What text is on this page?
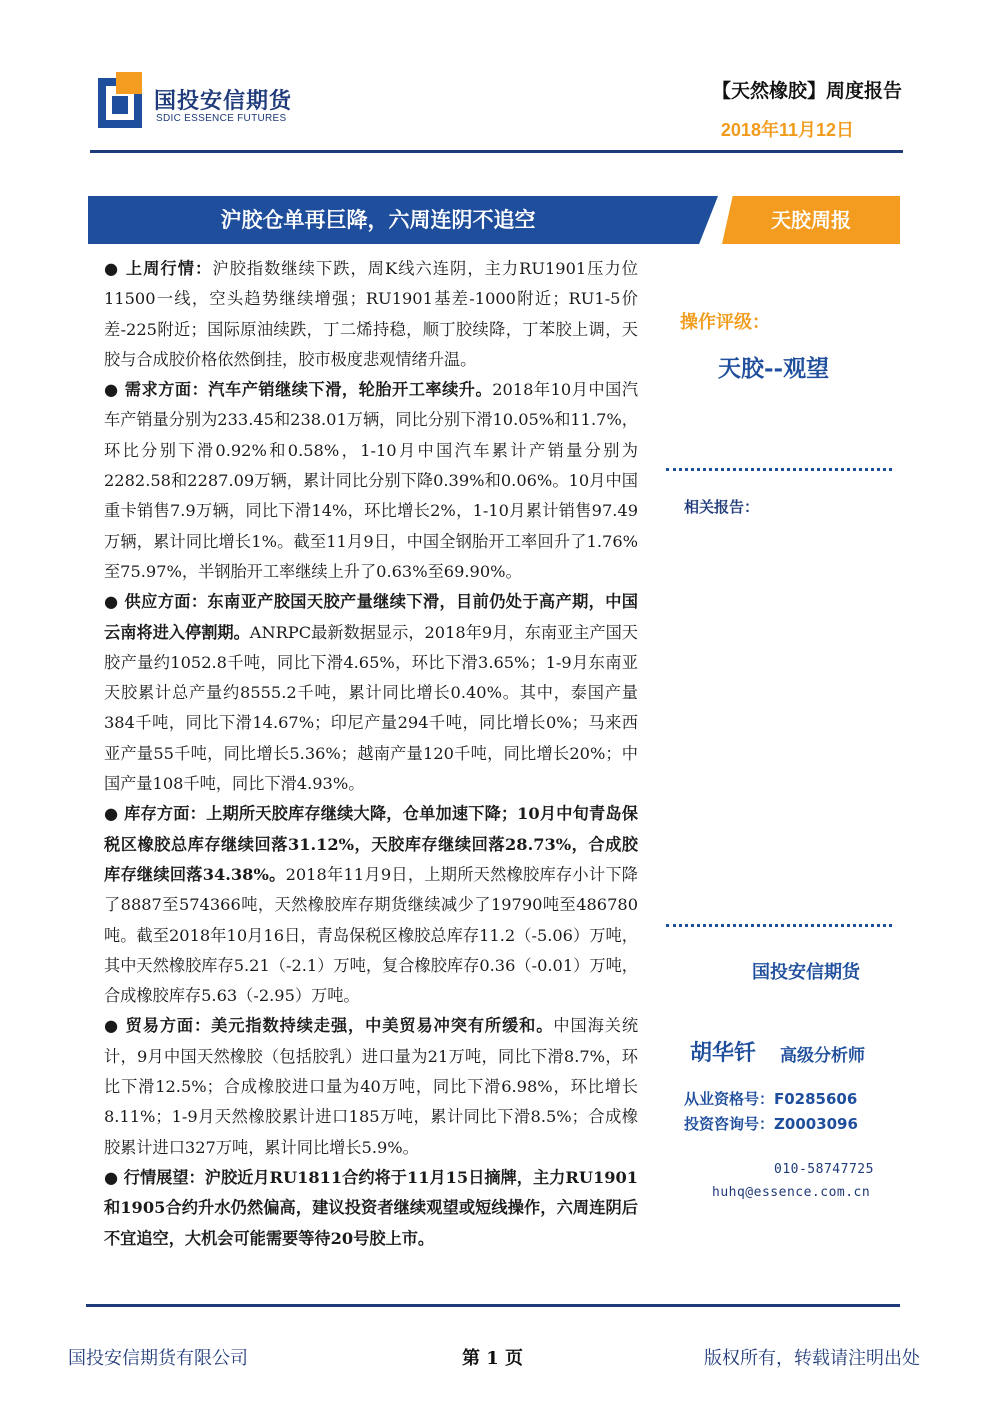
国投安信期货
SDIC ESSENCE FUTURES
【天然橡胶】周度报告
2018年11月12日
沪胶仓单再巨降，六周连阴不追空	天胶周报

● 上周行情：沪胶指数继续下跌，周K线六连阴，主力RU1901压力位11500一线，空头趋势继续增强；RU1901基差-1000附近；RU1-5价差-225附近；国际原油续跌，丁二烯持稳，顺丁胶续降，丁苯胶上调，天胶与合成胶价格依然倒挂，胶市极度悲观情绪升温。

● 需求方面：汽车产销继续下滑，轮胎开工率续升。2018年10月中国汽车产销量分别为233.45和238.01万辆，同比分别下滑10.05%和11.7%，环比分别下滑0.92%和0.58%，1-10月中国汽车累计产销量分别为2282.58和2287.09万辆，累计同比分别下降0.39%和0.06%。10月中国重卡销售7.9万辆，同比下滑14%，环比增长2%，1-10月累计销售97.49万辆，累计同比增长1%。截至11月9日，中国全钢胎开工率回升了1.76%至75.97%，半钢胎开工率继续上升了0.63%至69.90%。

● 供应方面：东南亚产胶国天胶产量继续下滑，目前仍处于高产期，中国云南将进入停割期。ANRPC最新数据显示，2018年9月，东南亚主产国天胶产量约1052.8千吨，同比下滑4.65%，环比下滑3.65%；1-9月东南亚天胶累计总产量约8555.2千吨，累计同比增长0.40%。其中，泰国产量384千吨，同比下滑14.67%；印尼产量294千吨，同比增长0%；马来西亚产量55千吨，同比增长5.36%；越南产量120千吨，同比增长20%；中国产量108千吨，同比下滑4.93%。

● 库存方面：上期所天胶库存继续大降，仓单加速下降；10月中旬青岛保税区橡胶总库存继续回落31.12%，天胶库存继续回落28.73%，合成胶库存继续回落34.38%。2018年11月9日，上期所天然橡胶库存小计下降了8887至574366吨，天然橡胶库存期货继续减少了19790吨至486780吨。截至2018年10月16日，青岛保税区橡胶总库存11.2（-5.06）万吨，其中天然橡胶库存5.21（-2.1）万吨，复合橡胶库存0.36（-0.01）万吨，合成橡胶库存5.63（-2.95）万吨。

● 贸易方面：美元指数持续走强，中美贸易冲突有所缓和。中国海关统计，9月中国天然橡胶（包括胶乳）进口量为21万吨，同比下滑8.7%，环比下滑12.5%；合成橡胶进口量为40万吨，同比下滑6.98%，环比增长8.11%；1-9月天然橡胶累计进口185万吨，累计同比下滑8.5%；合成橡胶累计进口327万吨，累计同比增长5.9%。

● 行情展望：沪胶近月RU1811合约将于11月15日摘牌，主力RU1901和1905合约升水仍然偏高，建议投资者继续观望或短线操作，六周连阴后不宜追空，大机会可能需要等待20号胶上市。

操作评级：
天胶--观望
相关报告：
国投安信期货
胡华钎 高级分析师
从业资格号：F0285606
投资咨询号：Z0003096
010-58747725
huhq@essence.com.cn
国投安信期货有限公司	第 1 页	版权所有，转载请注明出处
